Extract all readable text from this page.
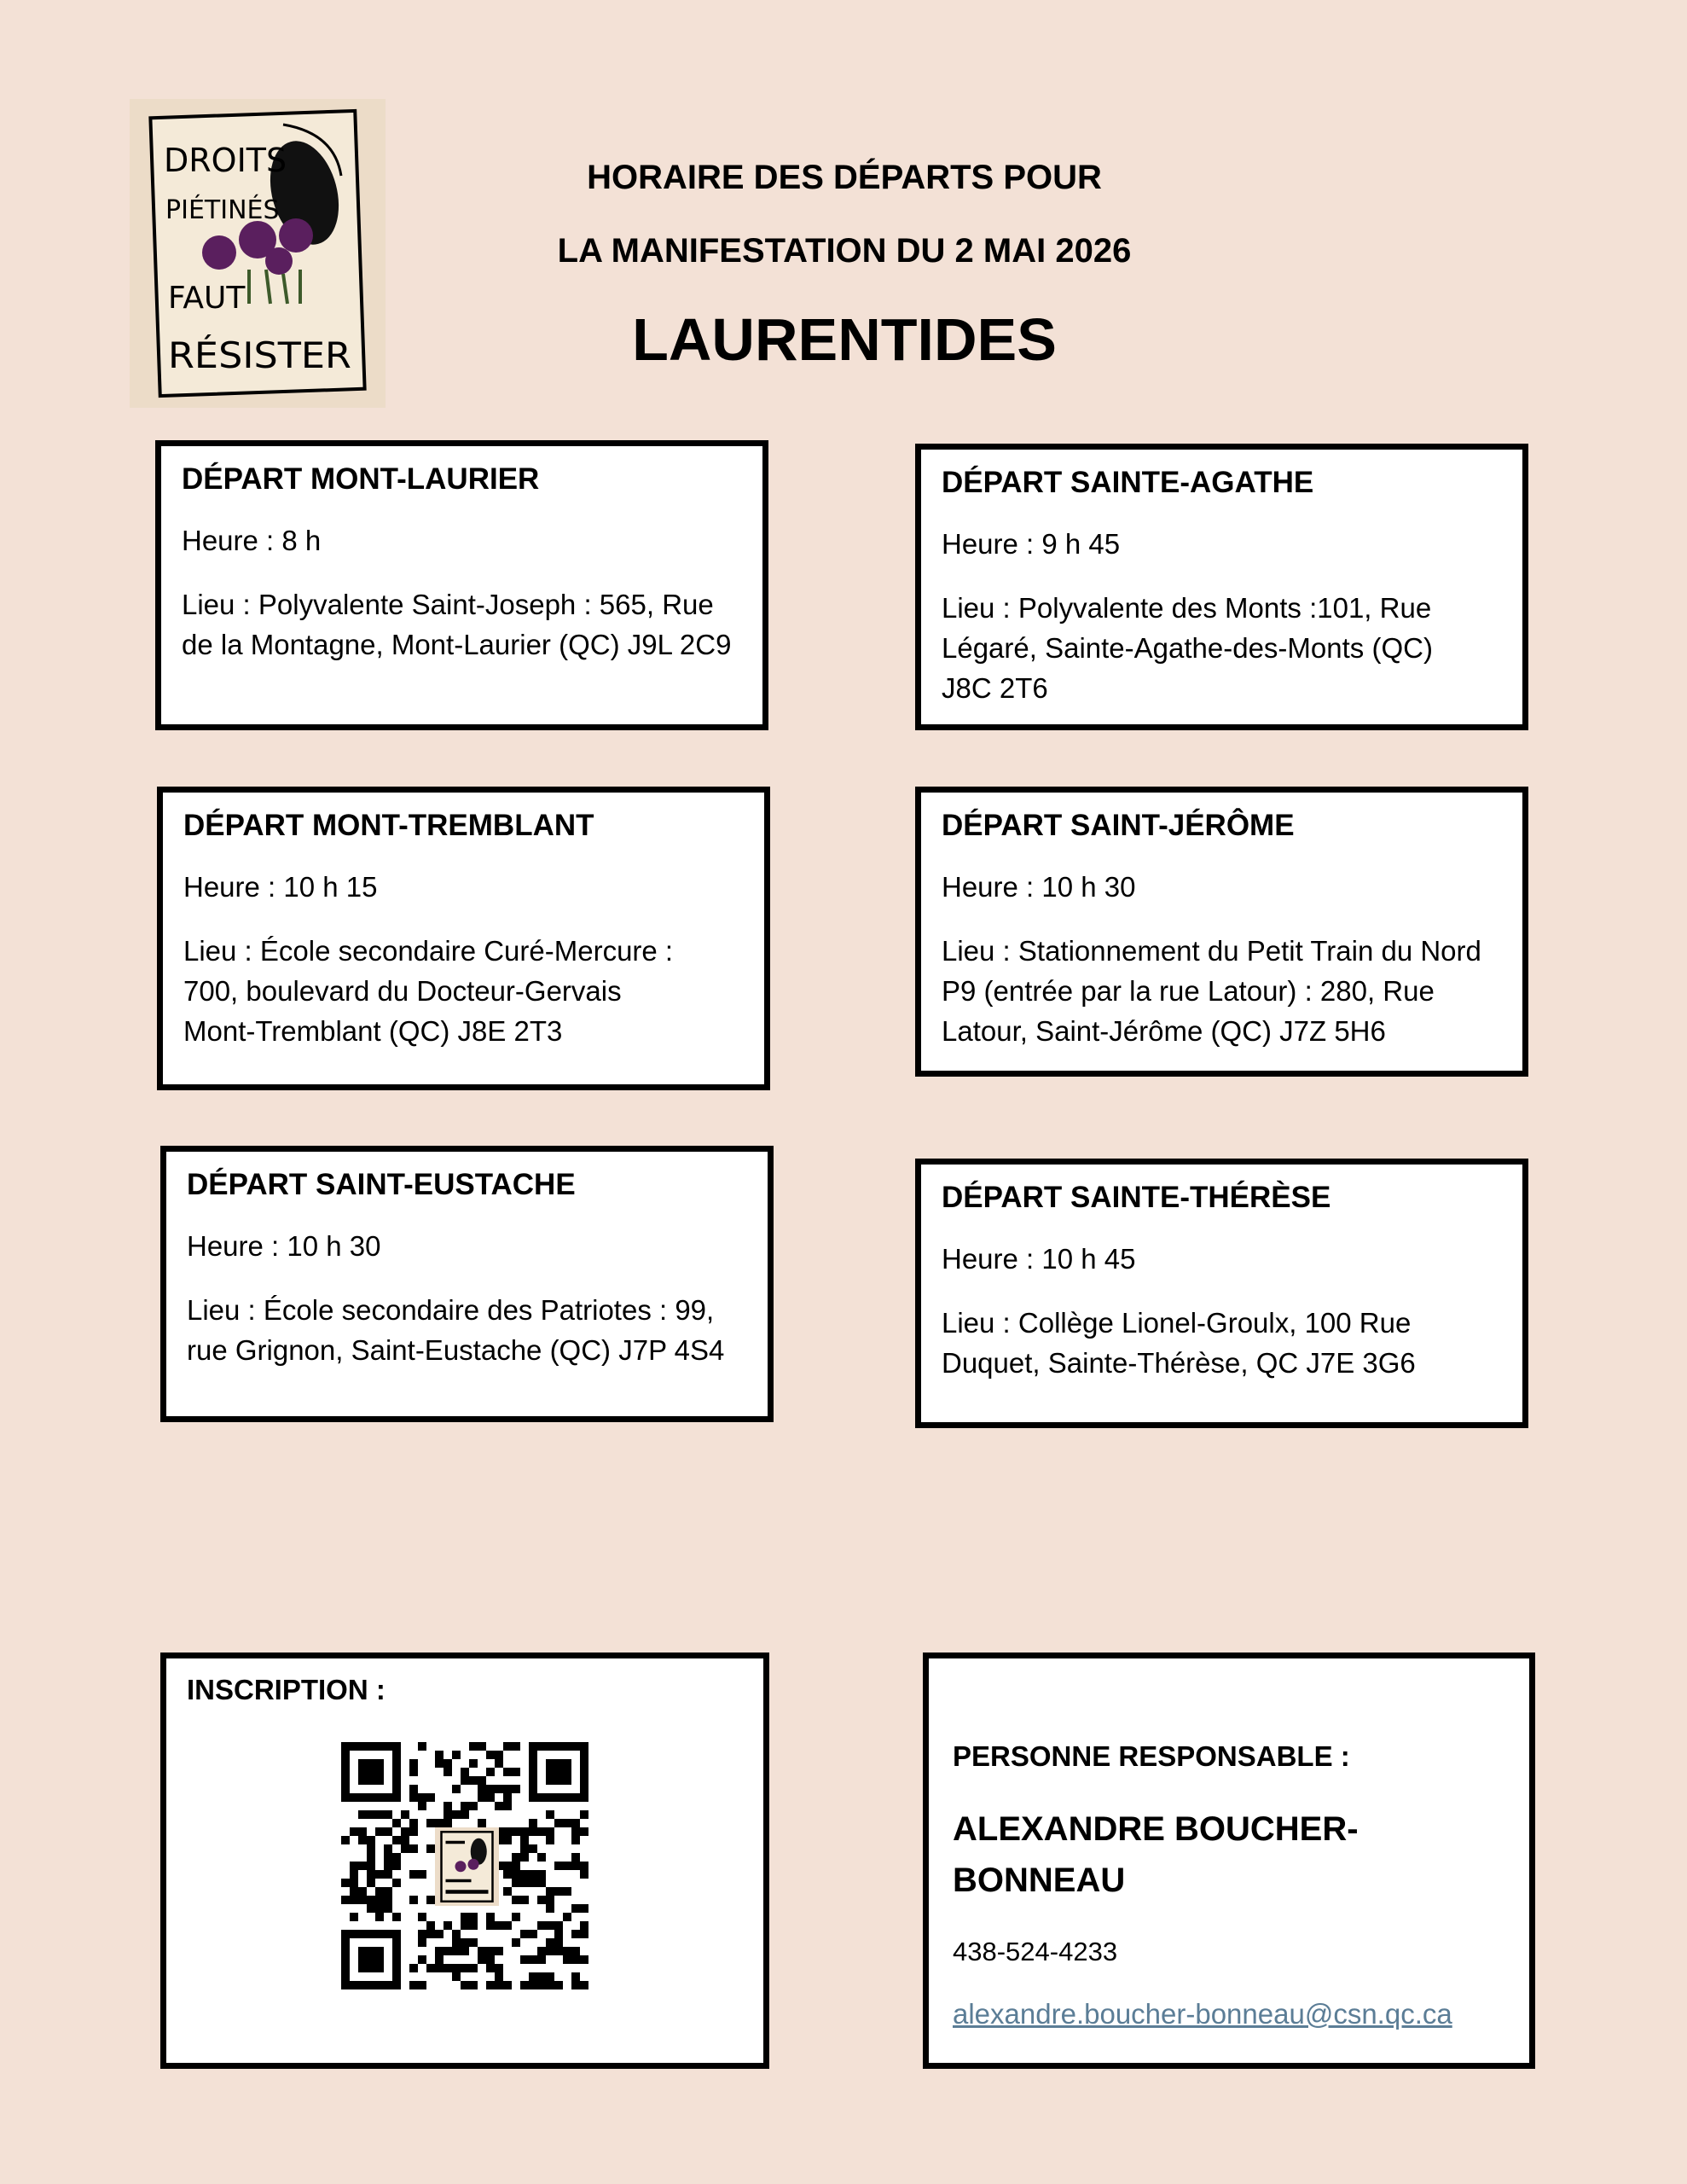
DROITS
PIÉTINÉS
FAUT
RÉSISTER
HORAIRE DES DÉPARTS POUR
LA MANIFESTATION DU 2 MAI 2026
LAURENTIDES

DÉPART MONT-LAURIER

Heure : 8 h

Lieu : Polyvalente Saint-Joseph : 565, Rue
de la Montagne, Mont-Laurier (QC) J9L 2C9

DÉPART SAINTE-AGATHE

Heure : 9 h 45

Lieu : Polyvalente des Monts :101, Rue
Légaré, Sainte-Agathe-des-Monts (QC)
J8C 2T6

DÉPART MONT-TREMBLANT

Heure : 10 h 15

Lieu : École secondaire Curé-Mercure :
700, boulevard du Docteur-Gervais
Mont-Tremblant (QC) J8E 2T3

DÉPART SAINT-JÉRÔME

Heure : 10 h 30

Lieu : Stationnement du Petit Train du Nord
P9 (entrée par la rue Latour) : 280, Rue
Latour, Saint-Jérôme (QC) J7Z 5H6

DÉPART SAINT-EUSTACHE

Heure : 10 h 30

Lieu : École secondaire des Patriotes : 99,
rue Grignon, Saint-Eustache (QC) J7P 4S4

DÉPART SAINTE-THÉRÈSE

Heure : 10 h 45

Lieu : Collège Lionel-Groulx, 100 Rue
Duquet, Sainte-Thérèse, QC J7E 3G6

INSCRIPTION :

PERSONNE RESPONSABLE :

ALEXANDRE BOUCHER-
BONNEAU

438-524-4233

alexandre.boucher-bonneau@csn.qc.ca
